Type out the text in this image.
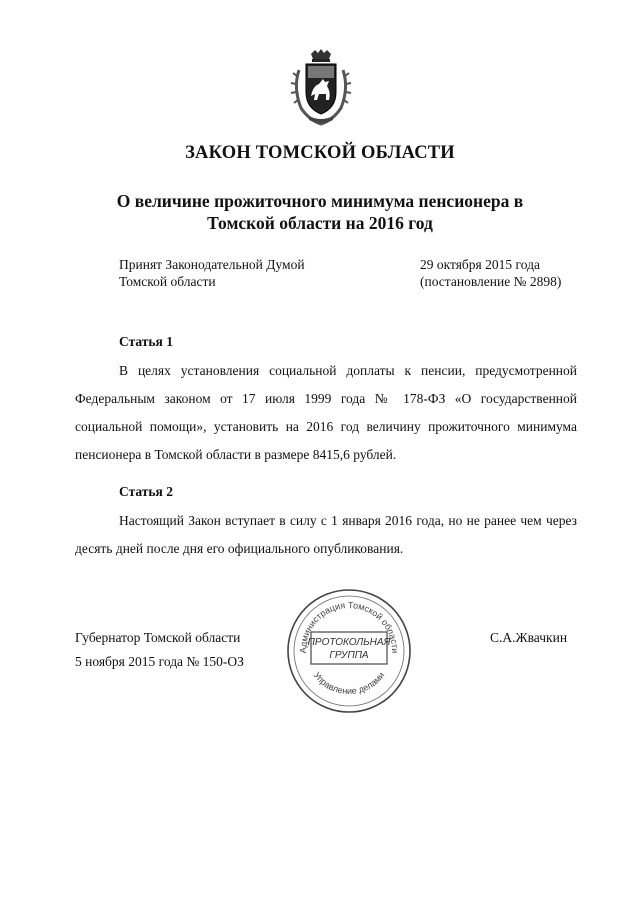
ЗАКОН ТОМСКОЙ ОБЛАСТИ
О величине прожиточного минимума пенсионера в
Томской области на 2016 год
Принят Законодательной Думой
Томской области
29 октября 2015 года
(постановление № 2898)
Статья 1

В целях установления социальной доплаты к пенсии, предусмотренной Федеральным законом от 17 июля 1999 года № 178-ФЗ «О государственной социальной помощи», установить на 2016 год величину прожиточного минимума пенсионера в Томской области в размере 8415,6 рублей.

Статья 2

Настоящий Закон вступает в силу с 1 января 2016 года, но не ранее чем через десять дней после дня его официального опубликования.

Губернатор Томской области
5 ноября 2015 года № 150-ОЗ
С.А.Жвачкин
Администрация Томской области
Управление делами
ПРОТОКОЛЬНАЯ
ГРУППА
